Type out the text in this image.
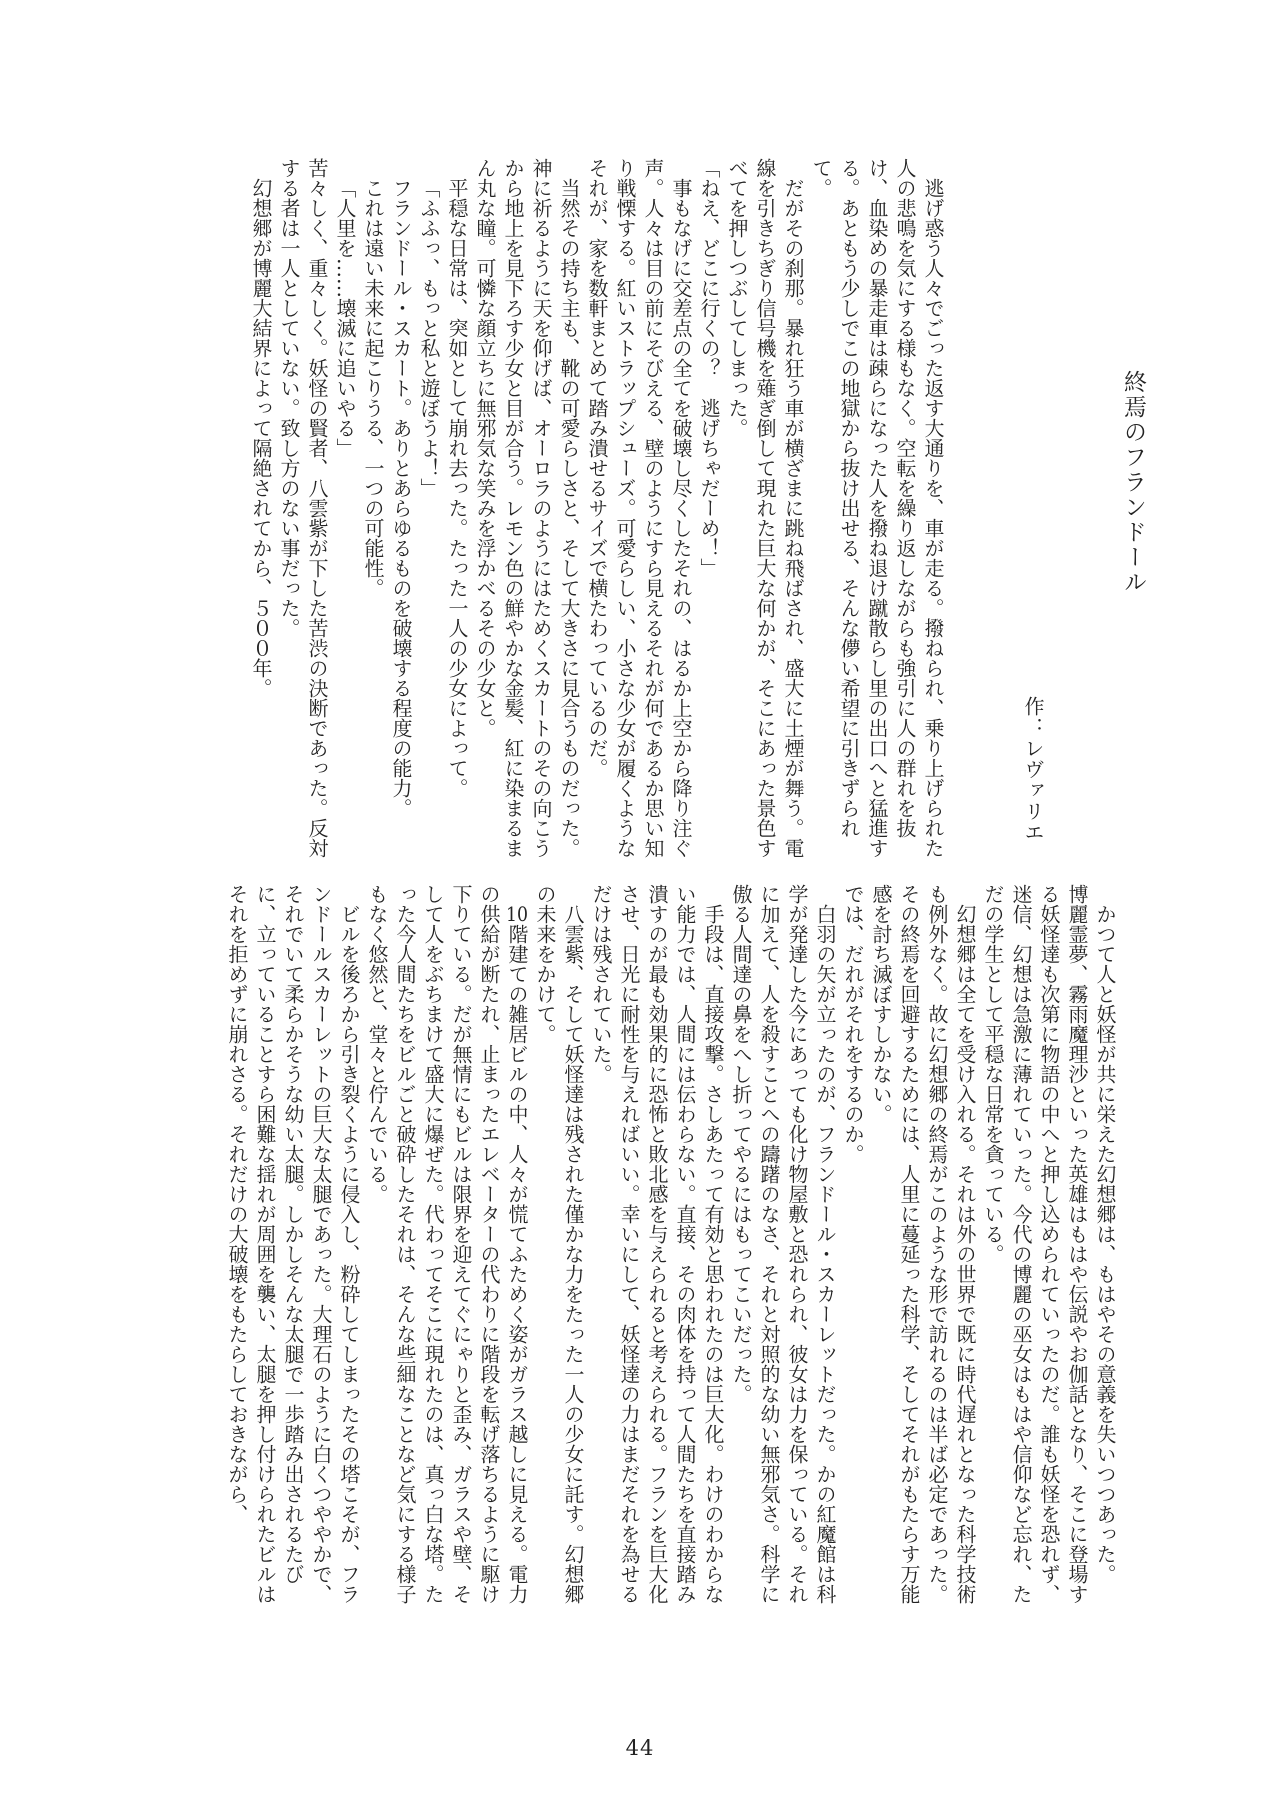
終焉のフランドール
作：レヴァリエ

逃げ惑う人々でごった返す大通りを、車が走る。撥ねられ、乗り上げられた人の悲鳴を気にする様もなく。空転を繰り返しながらも強引に人の群れを抜け、血染めの暴走車は疎らになった人を撥ね退け蹴散らし里の出口へと猛進する。あともう少しでこの地獄から抜け出せる、そんな儚い希望に引きずられて。

だがその刹那。暴れ狂う車が横ざまに跳ね飛ばされ、盛大に土煙が舞う。電線を引きちぎり信号機を薙ぎ倒して現れた巨大な何かが、そこにあった景色すべてを押しつぶしてしまった。

「ねえ、どこに行くの？　逃げちゃだーめ！」

事もなげに交差点の全てを破壊し尽くしたそれの、はるか上空から降り注ぐ声。人々は目の前にそびえる、壁のようにすら見えるそれが何であるか思い知り戦慄する。紅いストラップシューズ。可愛らしい、小さな少女が履くようなそれが、家を数軒まとめて踏み潰せるサイズで横たわっているのだ。

当然その持ち主も、靴の可愛らしさと、そして大きさに見合うものだった。

神に祈るように天を仰げば、オーロラのようにはためくスカートのその向こうから地上を見下ろす少女と目が合う。レモン色の鮮やかな金髪、紅に染まるまん丸な瞳。可憐な顔立ちに無邪気な笑みを浮かべるその少女と。

平穏な日常は、突如として崩れ去った。たった一人の少女によって。

「ふふっ、もっと私と遊ぼうよ！」

フランドール・スカート。ありとあらゆるものを破壊する程度の能力。

これは遠い未来に起こりうる、一つの可能性。

「人里を……壊滅に追いやる」

苦々しく、重々しく。妖怪の賢者、八雲紫が下した苦渋の決断であった。反対する者は一人としていない。致し方のない事だった。

幻想郷が博麗大結界によって隔絶されてから、５００年。

かつて人と妖怪が共に栄えた幻想郷は、もはやその意義を失いつつあった。

博麗霊夢、霧雨魔理沙といった英雄はもはや伝説やお伽話となり、そこに登場する妖怪達も次第に物語の中へと押し込められていったのだ。誰も妖怪を恐れず、迷信、幻想は急激に薄れていった。今代の博麗の巫女はもはや信仰など忘れ、ただの学生として平穏な日常を貪っている。

幻想郷は全てを受け入れる。それは外の世界で既に時代遅れとなった科学技術も例外なく。故に幻想郷の終焉がこのような形で訪れるのは半ば必定であった。その終焉を回避するためには、人里に蔓延った科学、そしてそれがもたらす万能感を討ち滅ぼすしかない。

では、だれがそれをするのか。

白羽の矢が立ったのが、フランドール・スカーレットだった。かの紅魔館は科学が発達した今にあっても化け物屋敷と恐れられ、彼女は力を保っている。それに加えて、人を殺すことへの躊躇のなさ、それと対照的な幼い無邪気さ。科学に傲る人間達の鼻をへし折ってやるにはもってこいだった。

手段は、直接攻撃。さしあたって有効と思われたのは巨大化。わけのわからない能力では、人間には伝わらない。直接、その肉体を持って人間たちを直接踏み潰すのが最も効果的に恐怖と敗北感を与えられると考えられる。フランを巨大化させ、日光に耐性を与えればいい。幸いにして、妖怪達の力はまだそれを為せるだけは残されていた。

八雲紫、そして妖怪達は残された僅かな力をたった一人の少女に託す。幻想郷の未来をかけて。

10階建ての雑居ビルの中、人々が慌てふためく姿がガラス越しに見える。電力の供給が断たれ、止まったエレベーターの代わりに階段を転げ落ちるように駆け下りている。だが無情にもビルは限界を迎えてぐにゃりと歪み、ガラスや壁、そして人をぶちまけて盛大に爆ぜた。代わってそこに現れたのは、真っ白な塔。たった今人間たちをビルごと破砕したそれは、そんな些細なことなど気にする様子もなく悠然と、堂々と佇んでいる。

ビルを後ろから引き裂くように侵入し、粉砕してしまったその塔こそが、フランドールスカーレットの巨大な太腿であった。大理石のように白くつややかで、それでいて柔らかそうな幼い太腿。しかしそんな太腿で一歩踏み出されるたびに、立っていることすら困難な揺れが周囲を襲い、太腿を押し付けられたビルはそれを拒めずに崩れさる。それだけの大破壊をもたらしておきながら、

44
